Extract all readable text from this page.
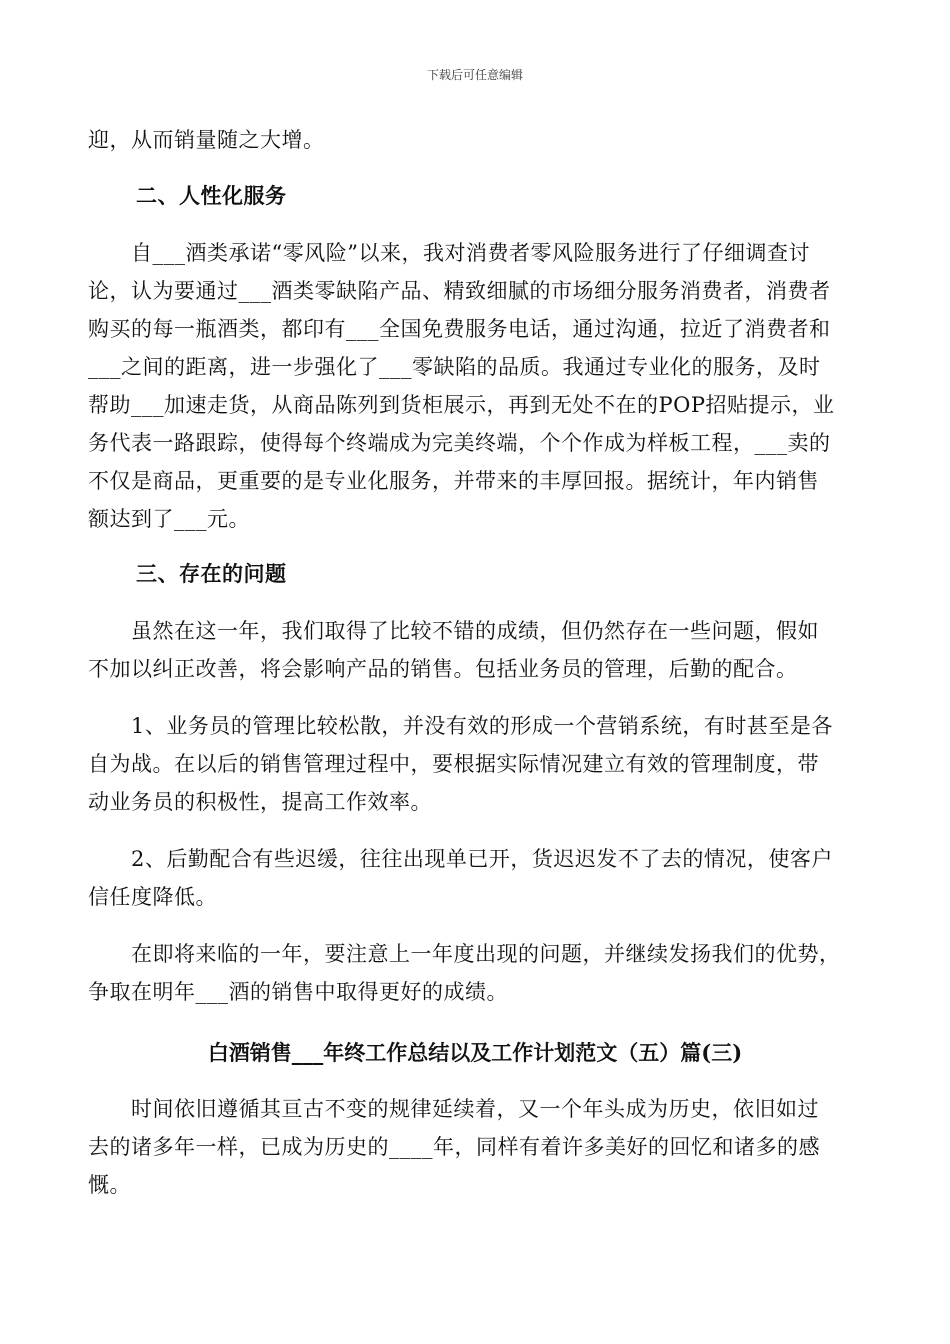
下载后可任意编辑
迎，从而销量随之大增。
二、人性化服务
　　自___酒类承诺“零风险”以来，我对消费者零风险服务进行了仔细调查讨
论，认为要通过___酒类零缺陷产品、精致细腻的市场细分服务消费者，消费者
购买的每一瓶酒类，都印有___全国免费服务电话，通过沟通，拉近了消费者和
___之间的距离，进一步强化了___零缺陷的品质。我通过专业化的服务，及时
帮助___加速走货，从商品陈列到货柜展示，再到无处不在的POP招贴提示，业
务代表一路跟踪，使得每个终端成为完美终端，个个作成为样板工程，___卖的
不仅是商品，更重要的是专业化服务，并带来的丰厚回报。据统计，年内销售
额达到了___元。
三、存在的问题
　　虽然在这一年，我们取得了比较不错的成绩，但仍然存在一些问题，假如
不加以纠正改善，将会影响产品的销售。包括业务员的管理，后勤的配合。
　　1、业务员的管理比较松散，并没有效的形成一个营销系统，有时甚至是各
自为战。在以后的销售管理过程中，要根据实际情况建立有效的管理制度，带
动业务员的积极性，提高工作效率。
　　2、后勤配合有些迟缓，往往出现单已开，货迟迟发不了去的情况，使客户
信任度降低。
　　在即将来临的一年，要注意上一年度出现的问题，并继续发扬我们的优势，
争取在明年___酒的销售中取得更好的成绩。
白酒销售___年终工作总结以及工作计划范文（五）篇(三)
　　时间依旧遵循其亘古不变的规律延续着，又一个年头成为历史，依旧如过
去的诸多年一样，已成为历史的____年，同样有着许多美好的回忆和诸多的感
慨。
